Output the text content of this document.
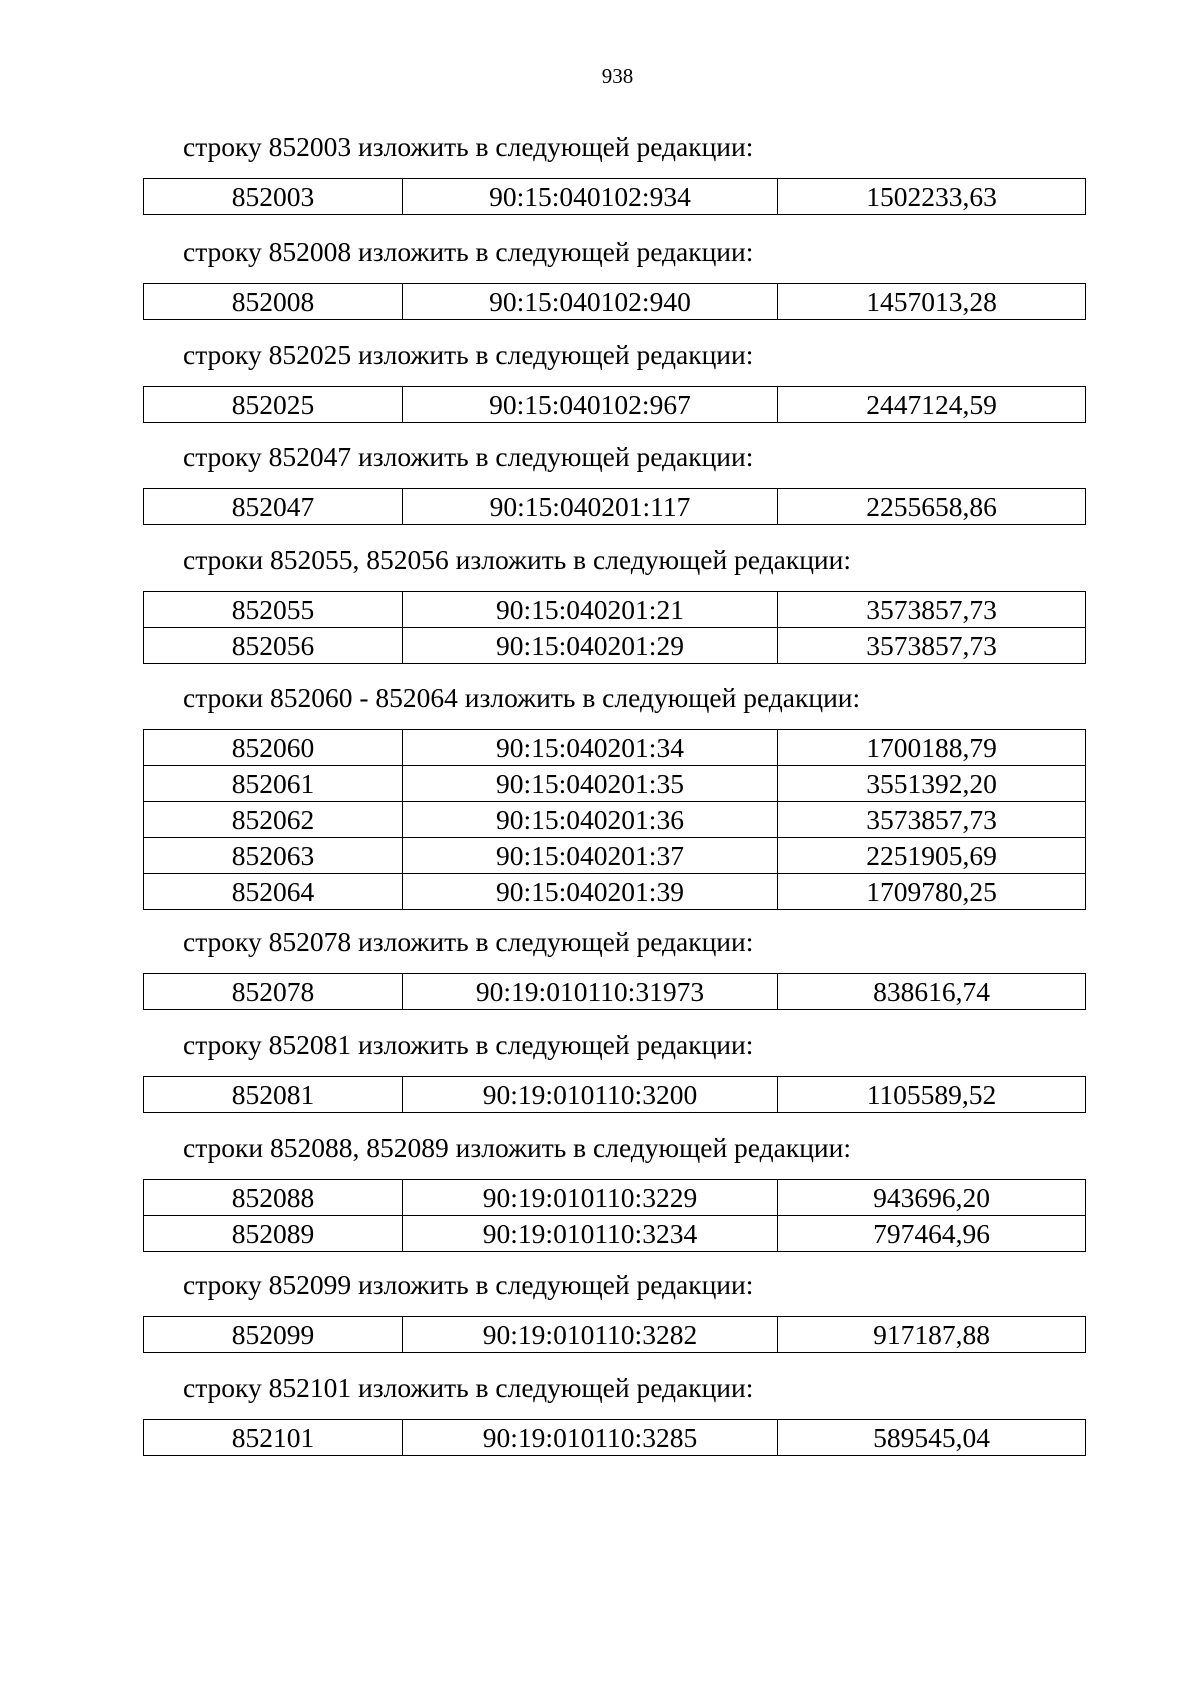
938
строку 852003 изложить в следующей редакции:
852003	90:15:040102:934	1502233,63
строку 852008 изложить в следующей редакции:
852008	90:15:040102:940	1457013,28
строку 852025 изложить в следующей редакции:
852025	90:15:040102:967	2447124,59
строку 852047 изложить в следующей редакции:
852047	90:15:040201:117	2255658,86
строки 852055, 852056 изложить в следующей редакции:
852055	90:15:040201:21	3573857,73
852056	90:15:040201:29	3573857,73
строки 852060 - 852064 изложить в следующей редакции:
852060	90:15:040201:34	1700188,79
852061	90:15:040201:35	3551392,20
852062	90:15:040201:36	3573857,73
852063	90:15:040201:37	2251905,69
852064	90:15:040201:39	1709780,25
строку 852078 изложить в следующей редакции:
852078	90:19:010110:31973	838616,74
строку 852081 изложить в следующей редакции:
852081	90:19:010110:3200	1105589,52
строки 852088, 852089 изложить в следующей редакции:
852088	90:19:010110:3229	943696,20
852089	90:19:010110:3234	797464,96
строку 852099 изложить в следующей редакции:
852099	90:19:010110:3282	917187,88
строку 852101 изложить в следующей редакции:
852101	90:19:010110:3285	589545,04
